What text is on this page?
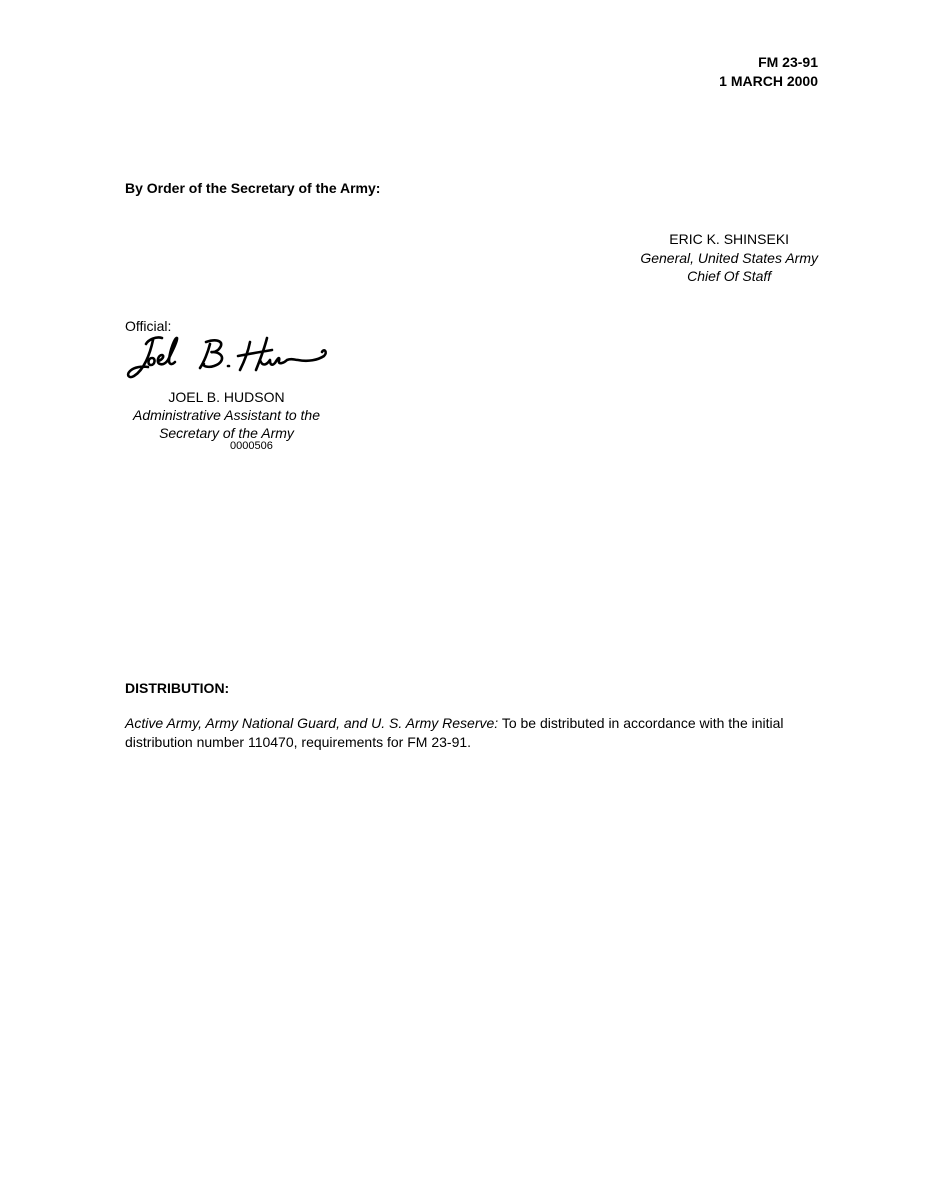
FM 23-91
1 MARCH 2000
By Order of the Secretary of the Army:
ERIC K. SHINSEKI
General, United States Army
Chief Of Staff
Official:
JOEL B. HUDSON
Administrative Assistant to the
Secretary of the Army
0000506
DISTRIBUTION:
Active Army, Army National Guard, and U. S. Army Reserve: To be distributed in accordance with the initial distribution number 110470, requirements for FM 23-91.
